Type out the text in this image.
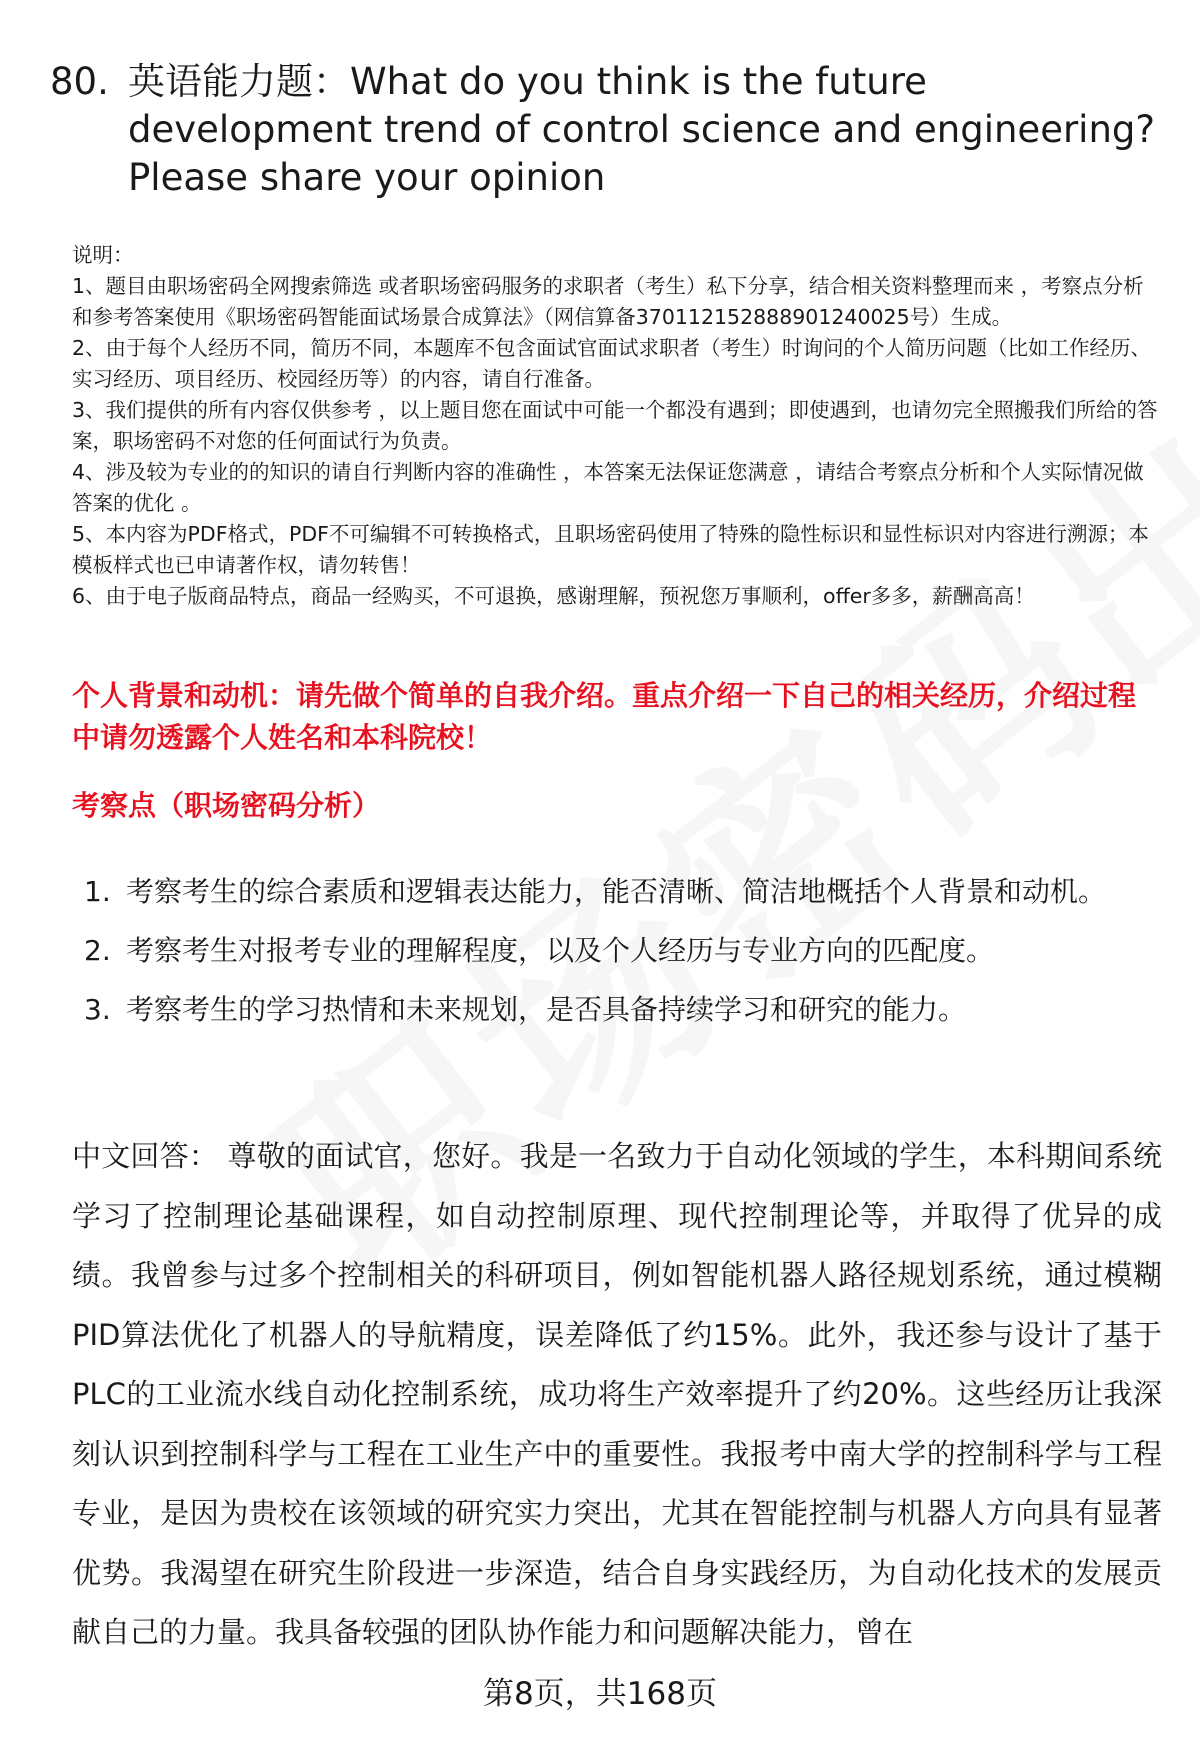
80. 英语能力题：What do you think is the future development trend of control science and engineering? Please share your opinion

说明：

1、题目由职场密码全网搜索筛选 或者职场密码服务的求职者（考生）私下分享，结合相关资料整理而来 ，考察点分析和参考答案使用《职场密码智能面试场景合成算法》（网信算备370112152888901240025号）生成。

2、由于每个人经历不同，简历不同，本题库不包含面试官面试求职者（考生）时询问的个人简历问题（比如工作经历、实习经历、项目经历、校园经历等）的内容，请自行准备。

3、我们提供的所有内容仅供参考 ，以上题目您在面试中可能一个都没有遇到；即使遇到，也请勿完全照搬我们所给的答案，职场密码不对您的任何面试行为负责。

4、涉及较为专业的的知识的请自行判断内容的准确性 ，本答案无法保证您满意 ，请结合考察点分析和个人实际情况做答案的优化 。

5、本内容为PDF格式，PDF不可编辑不可转换格式，且职场密码使用了特殊的隐性标识和显性标识对内容进行溯源；本模板样式也已申请著作权，请勿转售！

6、由于电子版商品特点，商品一经购买，不可退换，感谢理解，预祝您万事顺利，offer多多，薪酬高高！

个人背景和动机：请先做个简单的自我介绍。重点介绍一下自己的相关经历，介绍过程中请勿透露个人姓名和本科院校！
考察点（职场密码分析）
1. 考察考生的综合素质和逻辑表达能力，能否清晰、简洁地概括个人背景和动机。
2. 考察考生对报考专业的理解程度，以及个人经历与专业方向的匹配度。
3. 考察考生的学习热情和未来规划，是否具备持续学习和研究的能力。
中文回答： 尊敬的面试官，您好。我是一名致力于自动化领域的学生，本科期间系统学习了控制理论基础课程，如自动控制原理、现代控制理论等，并取得了优异的成绩。我曾参与过多个控制相关的科研项目，例如智能机器人路径规划系统，通过模糊PID算法优化了机器人的导航精度，误差降低了约15%。此外，我还参与设计了基于PLC的工业流水线自动化控制系统，成功将生产效率提升了约20%。这些经历让我深刻认识到控制科学与工程在工业生产中的重要性。我报考中南大学的控制科学与工程专业，是因为贵校在该领域的研究实力突出，尤其在智能控制与机器人方向具有显著优势。我渴望在研究生阶段进一步深造，结合自身实践经历，为自动化技术的发展贡献自己的力量。我具备较强的团队协作能力和问题解决能力，曾在
第8页，共168页
